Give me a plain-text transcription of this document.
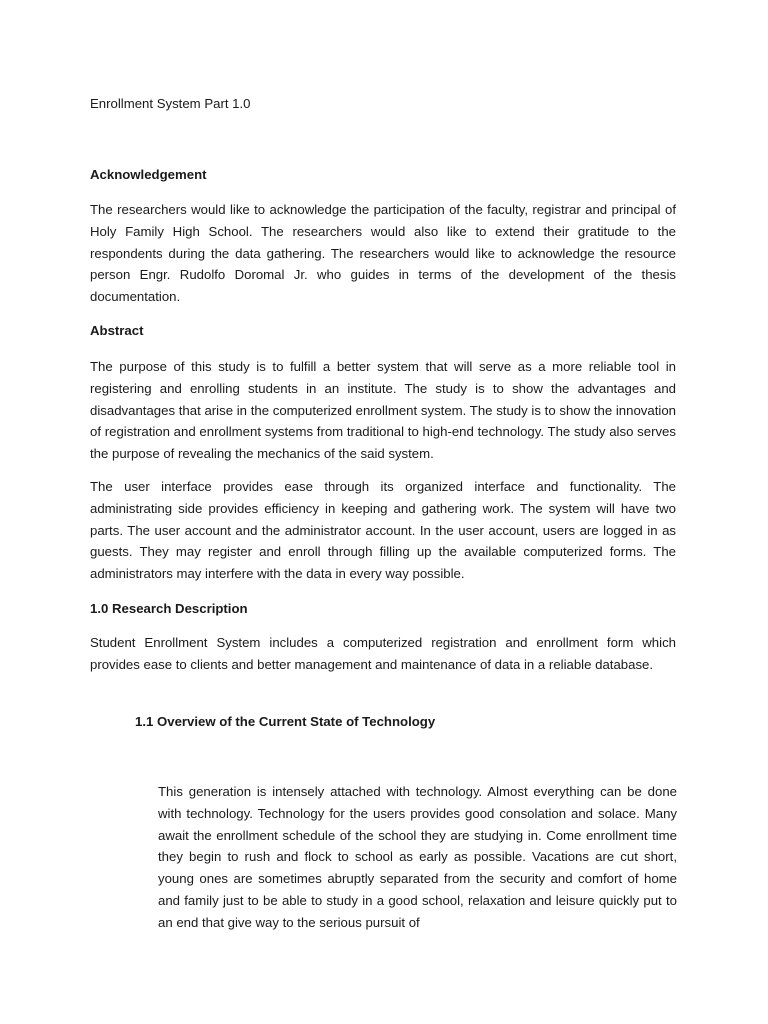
Enrollment System Part 1.0

Acknowledgement

The researchers would like to acknowledge the participation of the faculty, registrar and principal of Holy Family High School. The researchers would also like to extend their gratitude to the respondents during the data gathering. The researchers would like to acknowledge the resource person Engr. Rudolfo Doromal Jr. who guides in terms of the development of the thesis documentation.

Abstract

The purpose of this study is to fulfill a better system that will serve as a more reliable tool in registering and enrolling students in an institute. The study is to show the advantages and disadvantages that arise in the computerized enrollment system. The study is to show the innovation of registration and enrollment systems from traditional to high-end technology. The study also serves the purpose of revealing the mechanics of the said system.

The user interface provides ease through its organized interface and functionality. The administrating side provides efficiency in keeping and gathering work. The system will have two parts. The user account and the administrator account. In the user account, users are logged in as guests. They may register and enroll through filling up the available computerized forms. The administrators may interfere with the data in every way possible.

1.0 Research Description

Student Enrollment System includes a computerized registration and enrollment form which provides ease to clients and better management and maintenance of data in a reliable database.

1.1 Overview of the Current State of Technology

This generation is intensely attached with technology. Almost everything can be done with technology. Technology for the users provides good consolation and solace. Many await the enrollment schedule of the school they are studying in. Come enrollment time they begin to rush and flock to school as early as possible. Vacations are cut short, young ones are sometimes abruptly separated from the security and comfort of home and family just to be able to study in a good school, relaxation and leisure quickly put to an end that give way to the serious pursuit of
